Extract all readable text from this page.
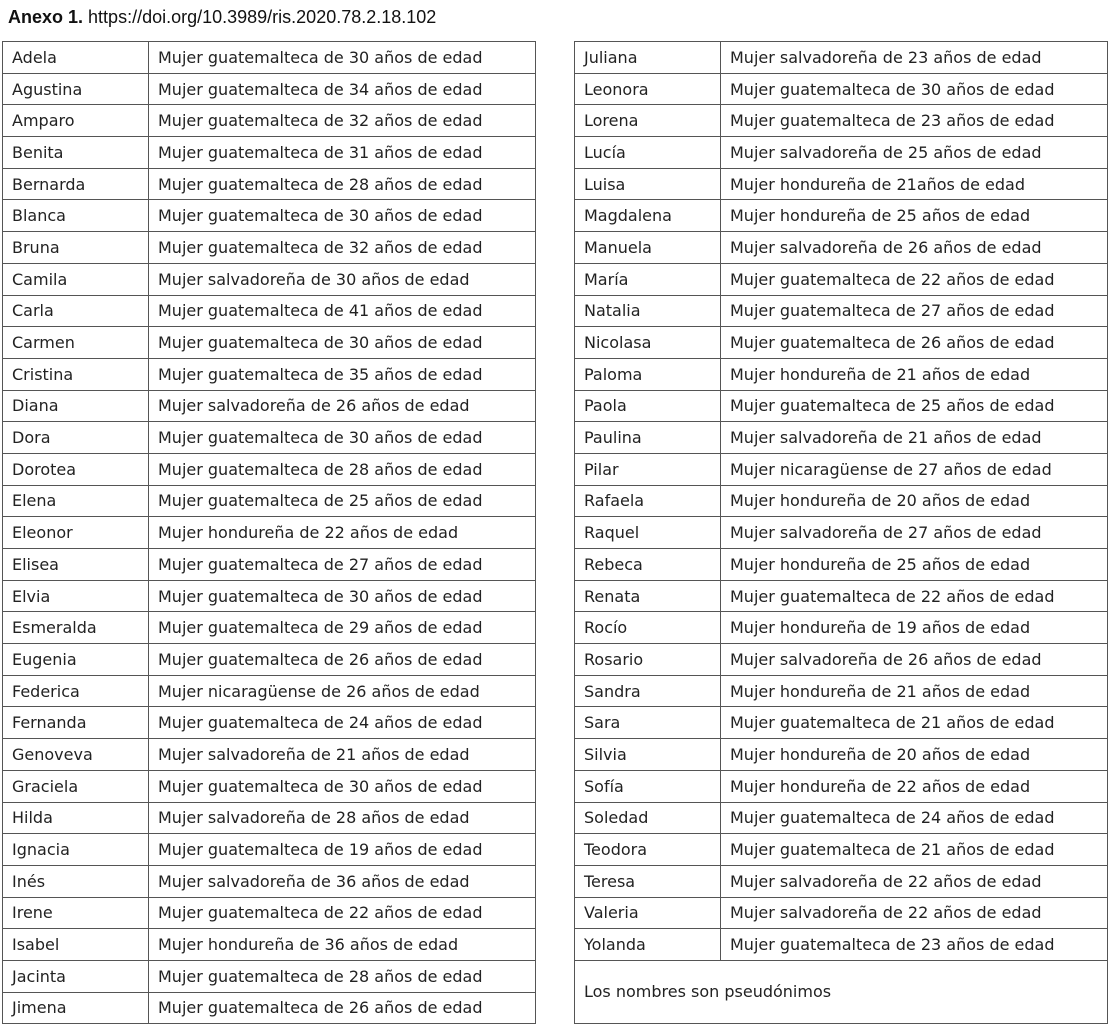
Anexo 1. https://doi.org/10.3989/ris.2020.78.2.18.102
Adela	Mujer guatemalteca de 30 años de edad
Agustina	Mujer guatemalteca de 34 años de edad
Amparo	Mujer guatemalteca de 32 años de edad
Benita	Mujer guatemalteca de 31 años de edad
Bernarda	Mujer guatemalteca de 28 años de edad
Blanca	Mujer guatemalteca de 30 años de edad
Bruna	Mujer guatemalteca de 32 años de edad
Camila	Mujer salvadoreña de 30 años de edad
Carla	Mujer guatemalteca de 41 años de edad
Carmen	Mujer guatemalteca de 30 años de edad
Cristina	Mujer guatemalteca de 35 años de edad
Diana	Mujer salvadoreña de 26 años de edad
Dora	Mujer guatemalteca de 30 años de edad
Dorotea	Mujer guatemalteca de 28 años de edad
Elena	Mujer guatemalteca de 25 años de edad
Eleonor	Mujer hondureña de 22 años de edad
Elisea	Mujer guatemalteca de 27 años de edad
Elvia	Mujer guatemalteca de 30 años de edad
Esmeralda	Mujer guatemalteca de 29 años de edad
Eugenia	Mujer guatemalteca de 26 años de edad
Federica	Mujer nicaragüense de 26 años de edad
Fernanda	Mujer guatemalteca de 24 años de edad
Genoveva	Mujer salvadoreña de 21 años de edad
Graciela	Mujer guatemalteca de 30 años de edad
Hilda	Mujer salvadoreña de 28 años de edad
Ignacia	Mujer guatemalteca de 19 años de edad
Inés	Mujer salvadoreña de 36 años de edad
Irene	Mujer guatemalteca de 22 años de edad
Isabel	Mujer hondureña de 36 años de edad
Jacinta	Mujer guatemalteca de 28 años de edad
Jimena	Mujer guatemalteca de 26 años de edad
Juliana	Mujer salvadoreña de 23 años de edad
Leonora	Mujer guatemalteca de 30 años de edad
Lorena	Mujer guatemalteca de 23 años de edad
Lucía	Mujer salvadoreña de 25 años de edad
Luisa	Mujer hondureña de 21años de edad
Magdalena	Mujer hondureña de 25 años de edad
Manuela	Mujer salvadoreña de 26 años de edad
María	Mujer guatemalteca de 22 años de edad
Natalia	Mujer guatemalteca de 27 años de edad
Nicolasa	Mujer guatemalteca de 26 años de edad
Paloma	Mujer hondureña de 21 años de edad
Paola	Mujer guatemalteca de 25 años de edad
Paulina	Mujer salvadoreña de 21 años de edad
Pilar	Mujer nicaragüense de 27 años de edad
Rafaela	Mujer hondureña de 20 años de edad
Raquel	Mujer salvadoreña de 27 años de edad
Rebeca	Mujer hondureña de 25 años de edad
Renata	Mujer guatemalteca de 22 años de edad
Rocío	Mujer hondureña de 19 años de edad
Rosario	Mujer salvadoreña de 26 años de edad
Sandra	Mujer hondureña de 21 años de edad
Sara	Mujer guatemalteca de 21 años de edad
Silvia	Mujer hondureña de 20 años de edad
Sofía	Mujer hondureña de 22 años de edad
Soledad	Mujer guatemalteca de 24 años de edad
Teodora	Mujer guatemalteca de 21 años de edad
Teresa	Mujer salvadoreña de 22 años de edad
Valeria	Mujer salvadoreña de 22 años de edad
Yolanda	Mujer guatemalteca de 23 años de edad
Los nombres son pseudónimos	
